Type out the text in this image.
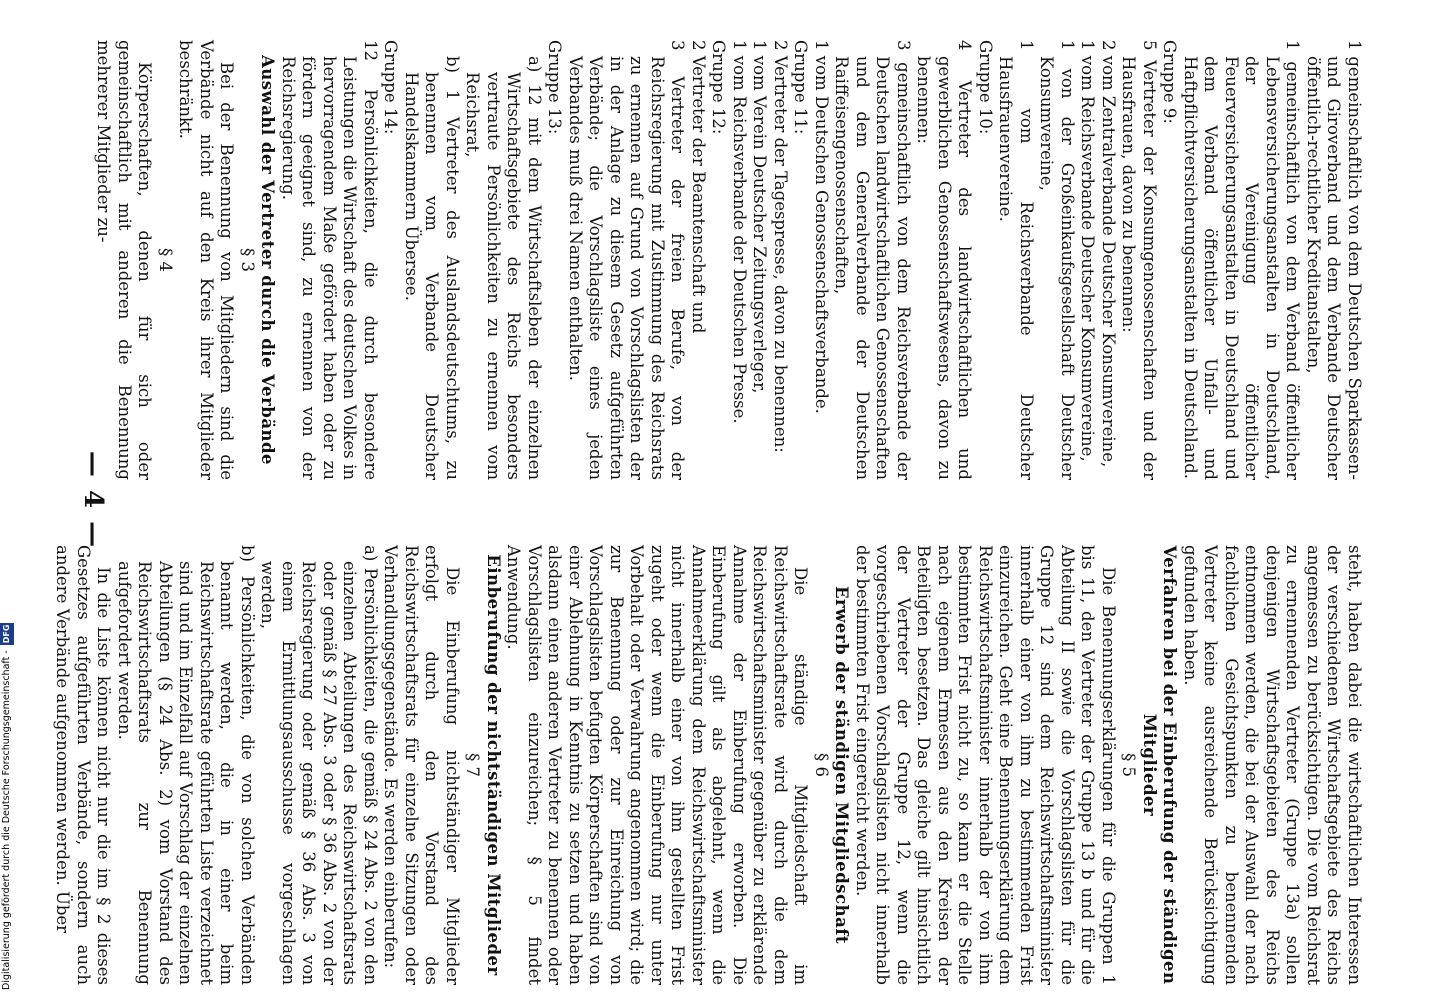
1 gemeinschaftlich von dem Deutschen Sparkassen- und Giroverband und dem Verbande Deutscher öffentlich-rechtlicher Kreditanstalten,

1 gemeinschaftlich von dem Verband öffentlicher Lebensversicherungsanstalten in Deutschland, der Vereinigung öffentlicher Feuerversicherungsanstalten in Deutschland und dem Verband öffentlicher Unfall- und Haftpflichtversicherungsanstalten in Deutschland.

Gruppe 9:

5 Vertreter der Konsumgenossenschaften und der Hausfrauen, davon zu benennen:

2 vom Zentralverbande Deutscher Konsumvereine,

1 vom Reichsverbande Deutscher Konsumvereine,

1 von der Großeinkaufsgesellschaft Deutscher Konsumvereine,

1 vom Reichsverbande Deutscher Hausfrauenvereine.

Gruppe 10:

4 Vertreter des landwirtschaftlichen und gewerblichen Genossenschaftswesens, davon zu benennen:

3 gemeinschaftlich von dem Reichsverbande der Deutschen landwirtschaftlichen Genossenschaften und dem Generalverbande der Deutschen Raiffeisengenossenschaften,

1 vom Deutschen Genossenschaftsverbande.

Gruppe 11:

2 Vertreter der Tagespresse, davon zu benennen:

1 vom Verein Deutscher Zeitungsverleger,

1 vom Reichsverbande der Deutschen Presse.

Gruppe 12:

2 Vertreter der Beamtenschaft und

3 Vertreter der freien Berufe, von der Reichsregierung mit Zustimmung des Reichsrats zu ernennen auf Grund von Vorschlagslisten der in der Anlage zu diesem Gesetz aufgeführten Verbände; die Vorschlagsliste eines jeden Verbandes muß drei Namen enthalten.

Gruppe 13:

a) 12 mit dem Wirtschaftsleben der einzelnen Wirtschaftsgebiete des Reichs besonders vertraute Persönlichkeiten zu ernennen vom Reichsrat,

b) 1 Vertreter des Auslandsdeutschtums, zu benennen vom Verbande Deutscher Handelskammern Übersee.

Gruppe 14:

12 Persönlichkeiten, die durch besondere Leistungen die Wirtschaft des deutschen Volkes in hervorragendem Maße gefördert haben oder zu fördern geeignet sind, zu ernennen von der Reichsregierung.

Auswahl der Vertreter durch die Verbände

§ 3

Bei der Benennung von Mitgliedern sind die Verbände nicht auf den Kreis ihrer Mitglieder beschränkt.

§ 4

Körperschaften, denen für sich oder gemeinschaftlich mit anderen die Benennung mehrerer Mitglieder zu-

steht, haben dabei die wirtschaftlichen Interessen der verschiedenen Wirtschaftsgebiete des Reichs angemessen zu berücksichtigen. Die vom Reichsrat zu ernennenden Vertreter (Gruppe 13a) sollen denjenigen Wirtschaftsgebieten des Reichs entnommen werden, die bei der Auswahl der nach fachlichen Gesichtspunkten zu benennenden Vertreter keine ausreichende Berücksichtigung gefunden haben.

Verfahren bei der Einberufung der ständigen Mitglieder

§ 5

Die Benennungserklärungen für die Gruppen 1 bis 11, den Vertreter der Gruppe 13 b und für die Abteilung II sowie die Vorschlagslisten für die Gruppe 12 sind dem Reichswirtschaftsminister innerhalb einer von ihm zu bestimmenden Frist einzureichen. Geht eine Benennungserklärung dem Reichswirtschaftsminister innerhalb der von ihm bestimmten Frist nicht zu, so kann er die Stelle nach eigenem Ermessen aus den Kreisen der Beteiligten besetzen. Das gleiche gilt hinsichtlich der Vertreter der Gruppe 12, wenn die vorgeschriebenen Vorschlagslisten nicht innerhalb der bestimmten Frist eingereicht werden.

Erwerb der ständigen Mitgliedschaft

§ 6

Die ständige Mitgliedschaft im Reichswirtschaftsrate wird durch die dem Reichswirtschaftsminister gegenüber zu erklärende Annahme der Einberufung erworben. Die Einberufung gilt als abgelehnt, wenn die Annahmeerklärung dem Reichswirtschaftsminister nicht innerhalb einer von ihm gestellten Frist zugeht oder wenn die Einberufung nur unter Vorbehalt oder Verwahrung angenommen wird; die zur Benennung oder zur Einreichung von Vorschlagslisten befugten Körperschaften sind von einer Ablehnung in Kenntnis zu setzen und haben alsdann einen anderen Vertreter zu benennen oder Vorschlagslisten einzureichen; § 5 findet Anwendung.

Einberufung der nichtständigen Mitglieder

§ 7

Die Einberufung nichtständiger Mitglieder erfolgt durch den Vorstand des Reichswirtschaftsrats für einzelne Sitzungen oder Verhandlungsgegenstände. Es werden einberufen:

a) Persönlichkeiten, die gemäß § 24 Abs. 2 von den einzelnen Abteilungen des Reichswirtschaftsrats oder gemäß § 27 Abs. 3 oder § 36 Abs. 2 von der Reichsregierung oder gemäß § 36 Abs. 3 von einem Ermittlungsausschusse vorgeschlagen werden,

b) Persönlichkeiten, die von solchen Verbänden benannt werden, die in einer beim Reichswirtschaftsrate geführten Liste verzeichnet sind und im Einzelfall auf Vorschlag der einzelnen Abteilungen (§ 24 Abs. 2) vom Vorstand des Reichswirtschaftsrats zur Benennung aufgefordert werden.

In die Liste können nicht nur die im § 2 dieses Gesetzes aufgeführten Verbände, sondern auch andere Verbände aufgenommen werden. Über

— 4 —
Digitalisierung gefördert durch die Deutsche Forschungsgemeinschaft - DFG
